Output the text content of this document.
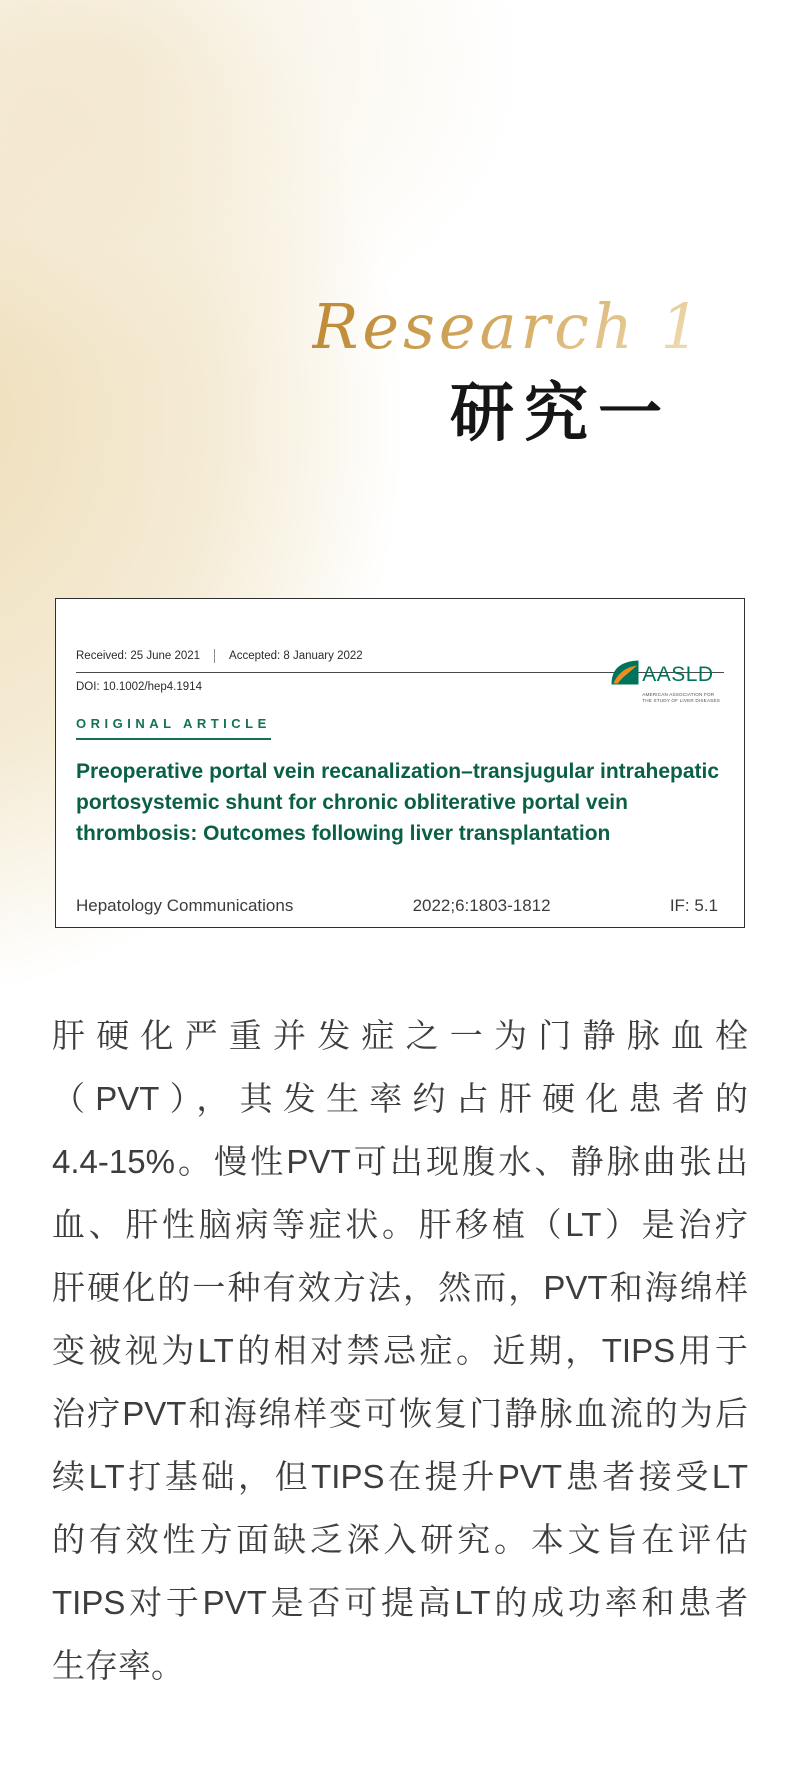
Research 1
研究一
Received: 25 June 2021	Accepted: 8 January 2022
DOI: 10.1002/hep4.1914
AASLD
AMERICAN ASSOCIATION FOR
THE STUDY OF LIVER DISEASES
ORIGINAL ARTICLE
Preoperative portal vein recanalization–transjugular intrahepatic portosystemic shunt for chronic obliterative portal vein thrombosis: Outcomes following liver transplantation
Hepatology Communications	2022;6:1803-1812	IF: 5.1
肝硬化严重并发症之一为门静脉血栓
（PVT），其发生率约占肝硬化患者的
4.4-15%。慢性PVT可出现腹水、静脉曲张出
血、肝性脑病等症状。肝移植（LT）是治疗
肝硬化的一种有效方法，然而，PVT和海绵样
变被视为LT的相对禁忌症。近期，TIPS用于
治疗PVT和海绵样变可恢复门静脉血流的为后
续LT打基础，但TIPS在提升PVT患者接受LT
的有效性方面缺乏深入研究。本文旨在评估
TIPS对于PVT是否可提高LT的成功率和患者
生存率。
